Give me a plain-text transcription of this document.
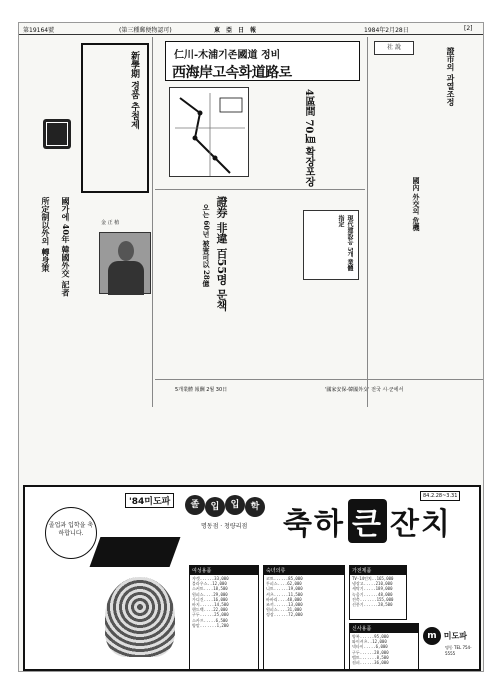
第19164號	(第三種郵便物認可)	東亞日報	1984年2月28日	[2]
新學期 경품 추첨제
國가에 40年 韓國外交 記者
所定制以外의 轉身策	金 正 植

仁川-木浦기존國道 정비
西海岸고속화道路로
4區間 70㎞ 확장포장
證券 非違 百55명 문책
오는 60년 被害可以 28億	現代建設등 5개 業體 指定
5개業體 報酬 2월 30日	'國家安保-韓國外交' 전국 시·군에서
社 說	證市의 과열조정
國內 外交의 危機
'84미도파	졸	입	입	학
명동점 · 청량리점 축하 큰 잔치
84.2.28~3.31
졸업과 입학을 축하합니다.
여성용품
쟈켓......33,000
블라우스..12,000
스커트....18,500
원피스....29,000
가디건....16,000
바지......14,500
핸드백....22,000
구두......25,000
스카프.....6,500
양말.......1,200
숙녀의류
코트......85,000
투피스....62,000
니트......19,000
셔츠......11,500
바바리....48,000
조끼......13,000
원피스....31,000
정장......72,000
가전제품
TV-14인치..165,000
냉장고.....210,000
세탁기.....189,000
녹음기......48,000
전축.......155,000
선풍기......28,500
신사용품
양복......95,000
와이셔츠..12,000
넥타이.....6,000
구두......28,000
벨트.......8,500
점퍼......36,000
m 미도파
명동 TEL 754-5555
